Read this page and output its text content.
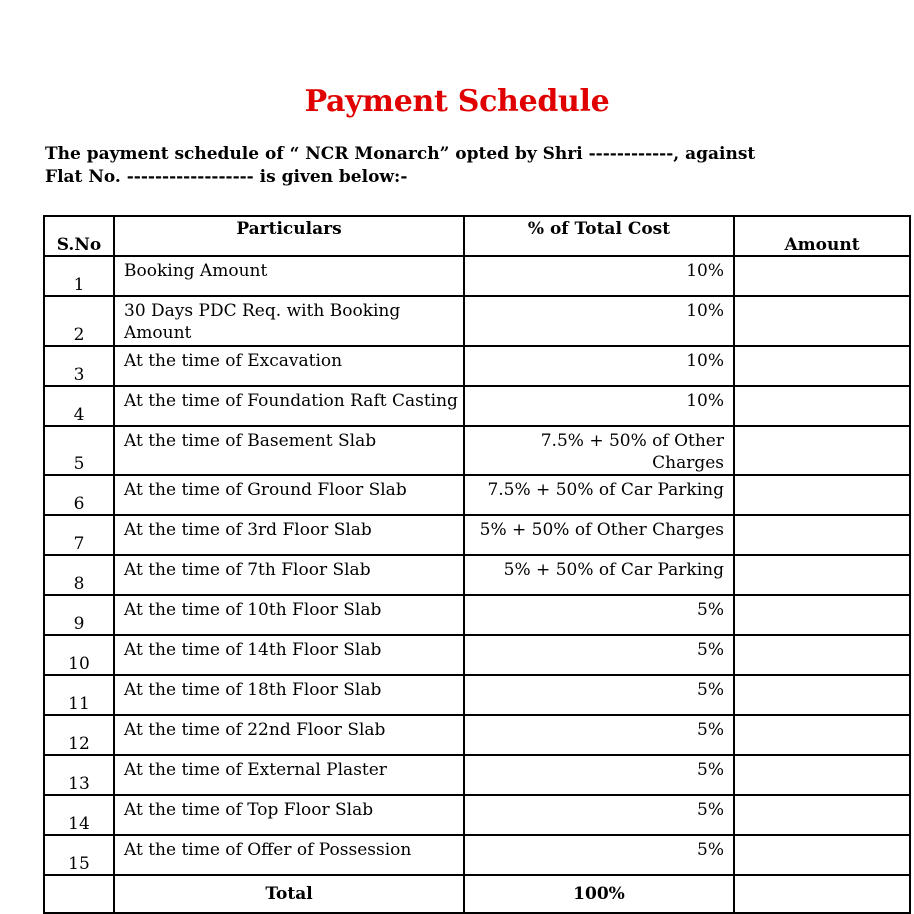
Payment Schedule
The payment schedule of “ NCR Monarch” opted by Shri ------------, against
Flat No. ------------------ is given below:-
S.No	Particulars	% of Total Cost	Amount
1	Booking Amount	10%	
2	30 Days PDC Req. with Booking Amount	10%	
3	At the time of Excavation	10%	
4	At the time of Foundation Raft Casting	10%	
5	At the time of Basement Slab	7.5% + 50% of Other Charges	
6	At the time of Ground Floor Slab	7.5% + 50% of Car Parking	
7	At the time of 3rd Floor Slab	5% + 50% of Other Charges	
8	At the time of 7th Floor Slab	5% + 50% of Car Parking	
9	At the time of 10th Floor Slab	5%	
10	At the time of 14th Floor Slab	5%	
11	At the time of 18th Floor Slab	5%	
12	At the time of 22nd Floor Slab	5%	
13	At the time of External Plaster	5%	
14	At the time of Top Floor Slab	5%	
15	At the time of Offer of Possession	5%	
	Total	100%	
